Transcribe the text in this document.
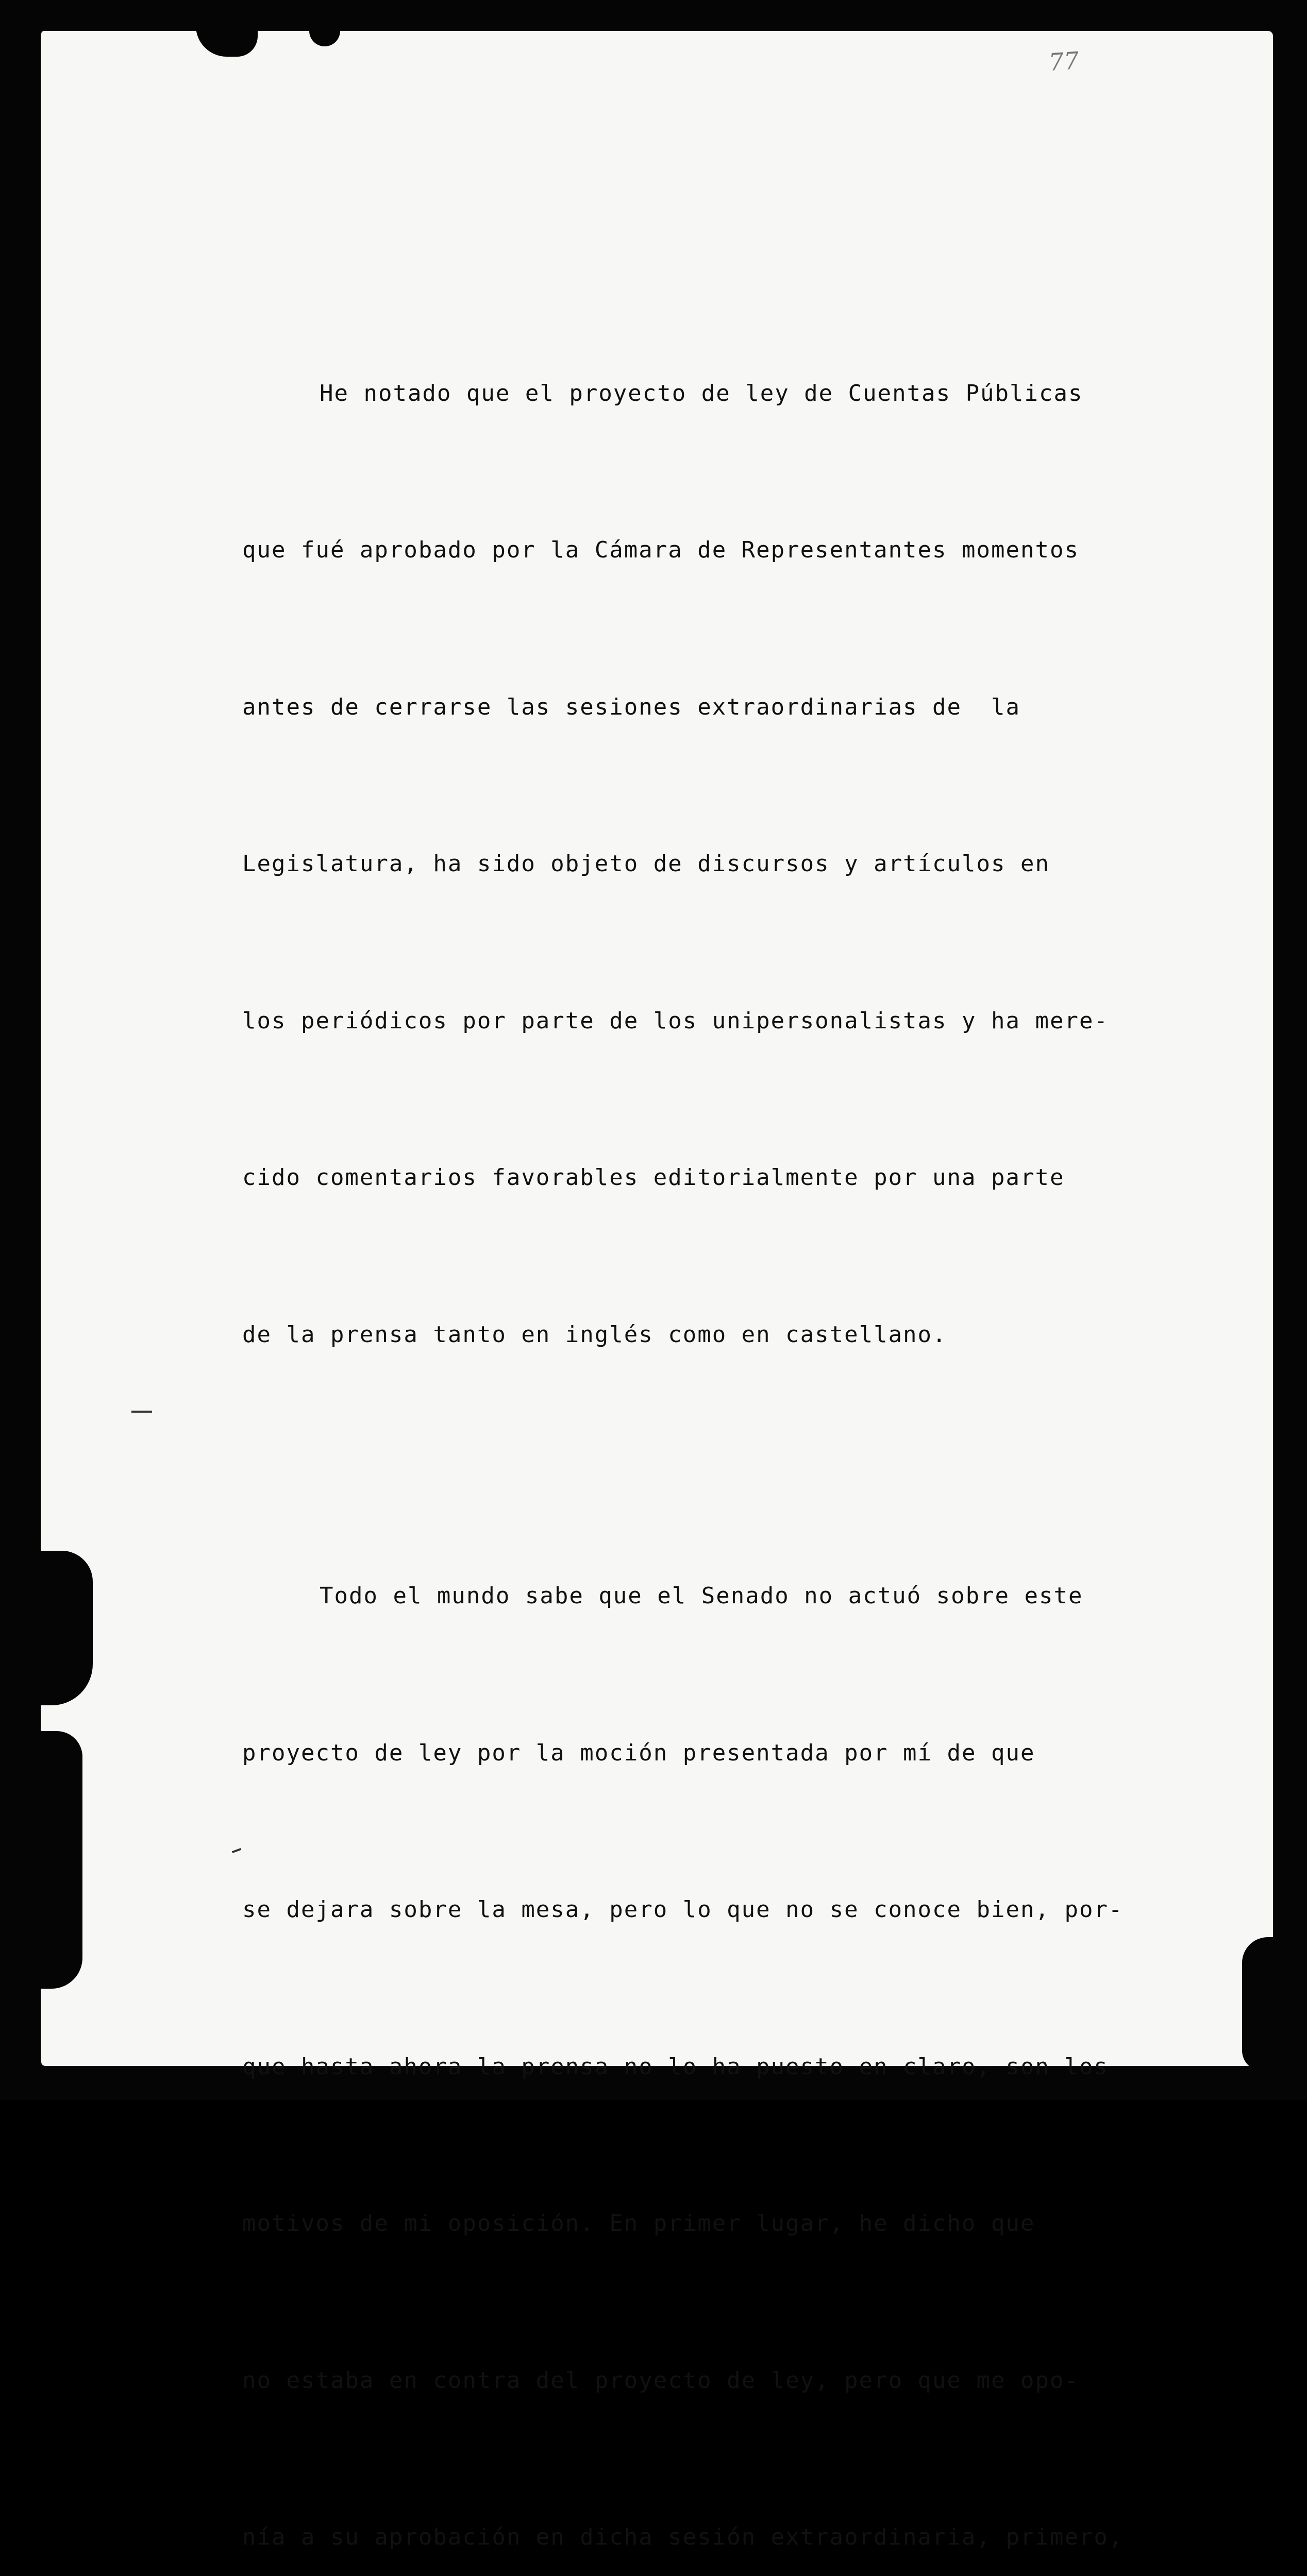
77

He notado que el proyecto de ley de Cuentas Públicas

que fué aprobado por la Cámara de Representantes momentos

antes de cerrarse las sesiones extraordinarias de  la

Legislatura, ha sido objeto de discursos y artículos en

los periódicos por parte de los unipersonalistas y ha mere-

cido comentarios favorables editorialmente por una parte

de la prensa tanto en inglés como en castellano.

Todo el mundo sabe que el Senado no actuó sobre este

proyecto de ley por la moción presentada por mí de que

se dejara sobre la mesa, pero lo que no se conoce bien, por-

que hasta ahora la prensa no lo ha puesto en claro, son los

motivos de mi oposición. En primer lugar, he dicho que

no estaba en contra del proyecto de ley, pero que me opo-

nía a su aprobación en dicha sesión extraordinaria, primero,
